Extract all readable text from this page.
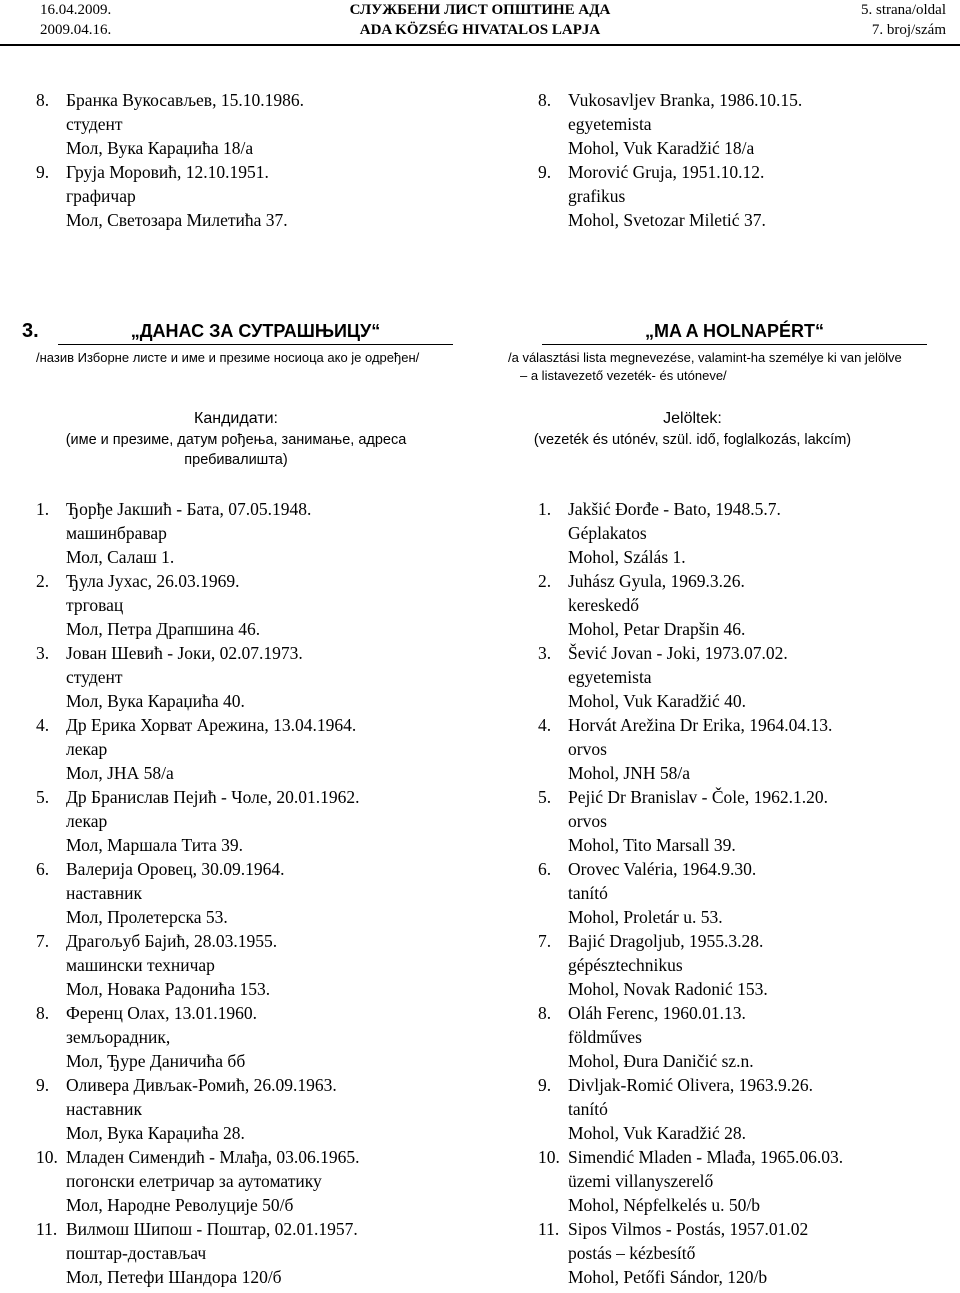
16.04.2009.
2009.04.16.
СЛУЖБЕНИ ЛИСТ ОПШТИНЕ АДА
ADA KÖZSÉG HIVATALOS LAPJA
5. strana/oldal
7. broj/szám
8. Бранка Вукосављев, 15.10.1986.
студент
Мол, Вука Караџића 18/а
9. Грујa Моровић, 12.10.1951.
графичар
Мол, Светозара Милетића 37.
8. Vukosavljev Branka, 1986.10.15.
egyetemista
Mohol, Vuk Karadžić 18/a
9. Morović Gruja, 1951.10.12.
grafikus
Mohol, Svetozar Miletić 37.
3.	„ДАНАС ЗА СУТРАШЊИЦУ“	„MA A HOLNAPÉRT“
/назив Изборне листе и име и презиме носиоца ако је одређен/	/a választási lista megnevezése, valamint-ha személye ki van jelölve
– a listavezető vezeték- és utóneve/
Кандидати:
(име и презиме, датум рођења, занимање, адреса
пребивалишта)
Jelöltek:
(vezeték és utónév, szül. idő, foglalkozás, lakcím)
1. Ђорђе Јакшић - Бата, 07.05.1948.
машинбравар
Мол, Салаш 1.
2. Ђула Јухас, 26.03.1969.
трговац
Мол, Петра Драпшина 46.
3. Јован Шевић - Јоки, 02.07.1973.
студент
Мол, Вука Караџића 40.
4. Др Ерика Хорват Арежина, 13.04.1964.
лекар
Мол, ЈНА 58/а
5. Др Бранислав Пејић - Чоле, 20.01.1962.
лекар
Мол, Маршала Тита 39.
6. Валерија Оровец, 30.09.1964.
наставник
Мол, Пролетерска 53.
7. Драгољуб Бајић, 28.03.1955.
машински техничар
Мол, Новака Радонића 153.
8. Ференц Олах, 13.01.1960.
земљорадник,
Мол, Ђуре Даничића бб
9. Оливера Дивљак-Ромић, 26.09.1963.
наставник
Мол, Вука Караџића 28.
10. Младен Симендић - Млађа, 03.06.1965.
погонски елетричар за аутоматику
Мол, Народне Револуције 50/б
11. Вилмош Шипош - Поштар, 02.01.1957.
поштар-достављач
Мол, Петефи Шандора 120/б
1. Jakšić Đorđe - Bato, 1948.5.7.
Géplakatos
Mohol, Szálás 1.
2. Juhász Gyula, 1969.3.26.
kereskedő
Mohol, Petar Drapšin 46.
3. Šević Jovan - Joki, 1973.07.02.
egyetemista
Mohol, Vuk Karadžić 40.
4. Horvát Arežina Dr Erika, 1964.04.13.
orvos
Mohol, JNH 58/a
5. Pejić Dr Branislav - Čole, 1962.1.20.
orvos
Mohol, Tito Marsall 39.
6. Orovec Valéria, 1964.9.30.
tanító
Mohol, Proletár u. 53.
7. Bajić Dragoljub, 1955.3.28.
gépésztechnikus
Mohol, Novak Radonić 153.
8. Oláh Ferenc, 1960.01.13.
földműves
Mohol, Đura Daničić sz.n.
9. Divljak-Romić Olivera, 1963.9.26.
tanító
Mohol, Vuk Karadžić 28.
10. Simendić Mladen - Mlađa, 1965.06.03.
üzemi villanyszerelő
Mohol, Népfelkelés u. 50/b
11. Sipos Vilmos - Postás, 1957.01.02
postás – kézbesítő
Mohol, Petőfi Sándor, 120/b
